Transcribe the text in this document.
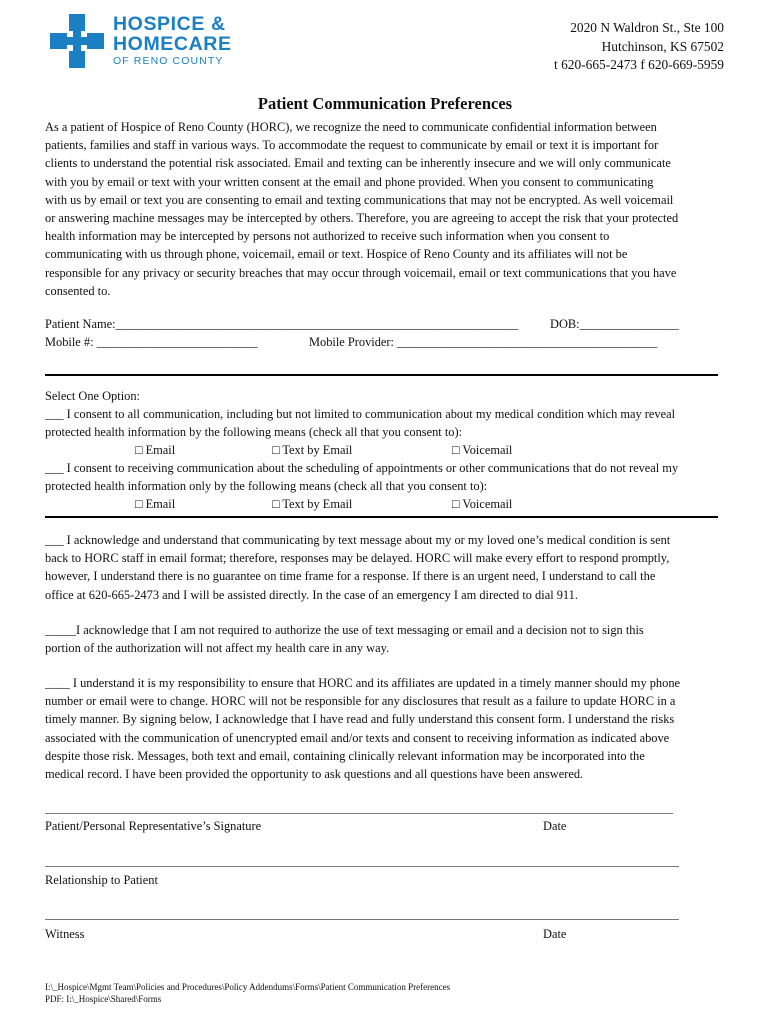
HOSPICE &
HOMECARE
OF RENO COUNTY
2020 N Waldron St., Ste 100
Hutchinson, KS 67502
t 620-665-2473 f 620-669-5959
Patient Communication Preferences
As a patient of Hospice of Reno County (HORC), we recognize the need to communicate confidential information between
patients, families and staff in various ways. To accommodate the request to communicate by email or text it is important for
clients to understand the potential risk associated. Email and texting can be inherently insecure and we will only communicate
with you by email or text with your written consent at the email and phone provided. When you consent to communicating
with us by email or text you are consenting to email and texting communications that may not be encrypted. As well voicemail
or answering machine messages may be intercepted by others. Therefore, you are agreeing to accept the risk that your protected
health information may be intercepted by persons not authorized to receive such information when you consent to
communicating with us through phone, voicemail, email or text. Hospice of Reno County and its affiliates will not be
responsible for any privacy or security breaches that may occur through voicemail, email or text communications that you have
consented to.
Patient Name:_________________________________________________________________	DOB:________________
Mobile #: __________________________	Mobile Provider: __________________________________________
Select One Option:
___ I consent to all communication, including but not limited to communication about my medical condition which may reveal
protected health information by the following means (check all that you consent to):
□ Email	□ Text by Email	□ Voicemail
___ I consent to receiving communication about the scheduling of appointments or other communications that do not reveal my
protected health information only by the following means (check all that you consent to):
□ Email	□ Text by Email	□ Voicemail
___ I acknowledge and understand that communicating by text message about my or my loved one’s medical condition is sent
back to HORC staff in email format; therefore, responses may be delayed. HORC will make every effort to respond promptly,
however, I understand there is no guarantee on time frame for a response. If there is an urgent need, I understand to call the
office at 620-665-2473 and I will be assisted directly. In the case of an emergency I am directed to dial 911.
_____I acknowledge that I am not required to authorize the use of text messaging or email and a decision not to sign this
portion of the authorization will not affect my health care in any way.
____ I understand it is my responsibility to ensure that HORC and its affiliates are updated in a timely manner should my phone
number or email were to change. HORC will not be responsible for any disclosures that result as a failure to update HORC in a
timely manner. By signing below, I acknowledge that I have read and fully understand this consent form. I understand the risks
associated with the communication of unencrypted email and/or texts and consent to receiving information as indicated above
despite those risk. Messages, both text and email, containing clinically relevant information may be incorporated into the
medical record. I have been provided the opportunity to ask questions and all questions have been answered.
Patient/Personal Representative’s Signature	Date
Relationship to Patient
Witness	Date
I:\_Hospice\Mgmt Team\Policies and Procedures\Policy Addendums\Forms\Patient Communication Preferences
PDF: I:\_Hospice\Shared\Forms
